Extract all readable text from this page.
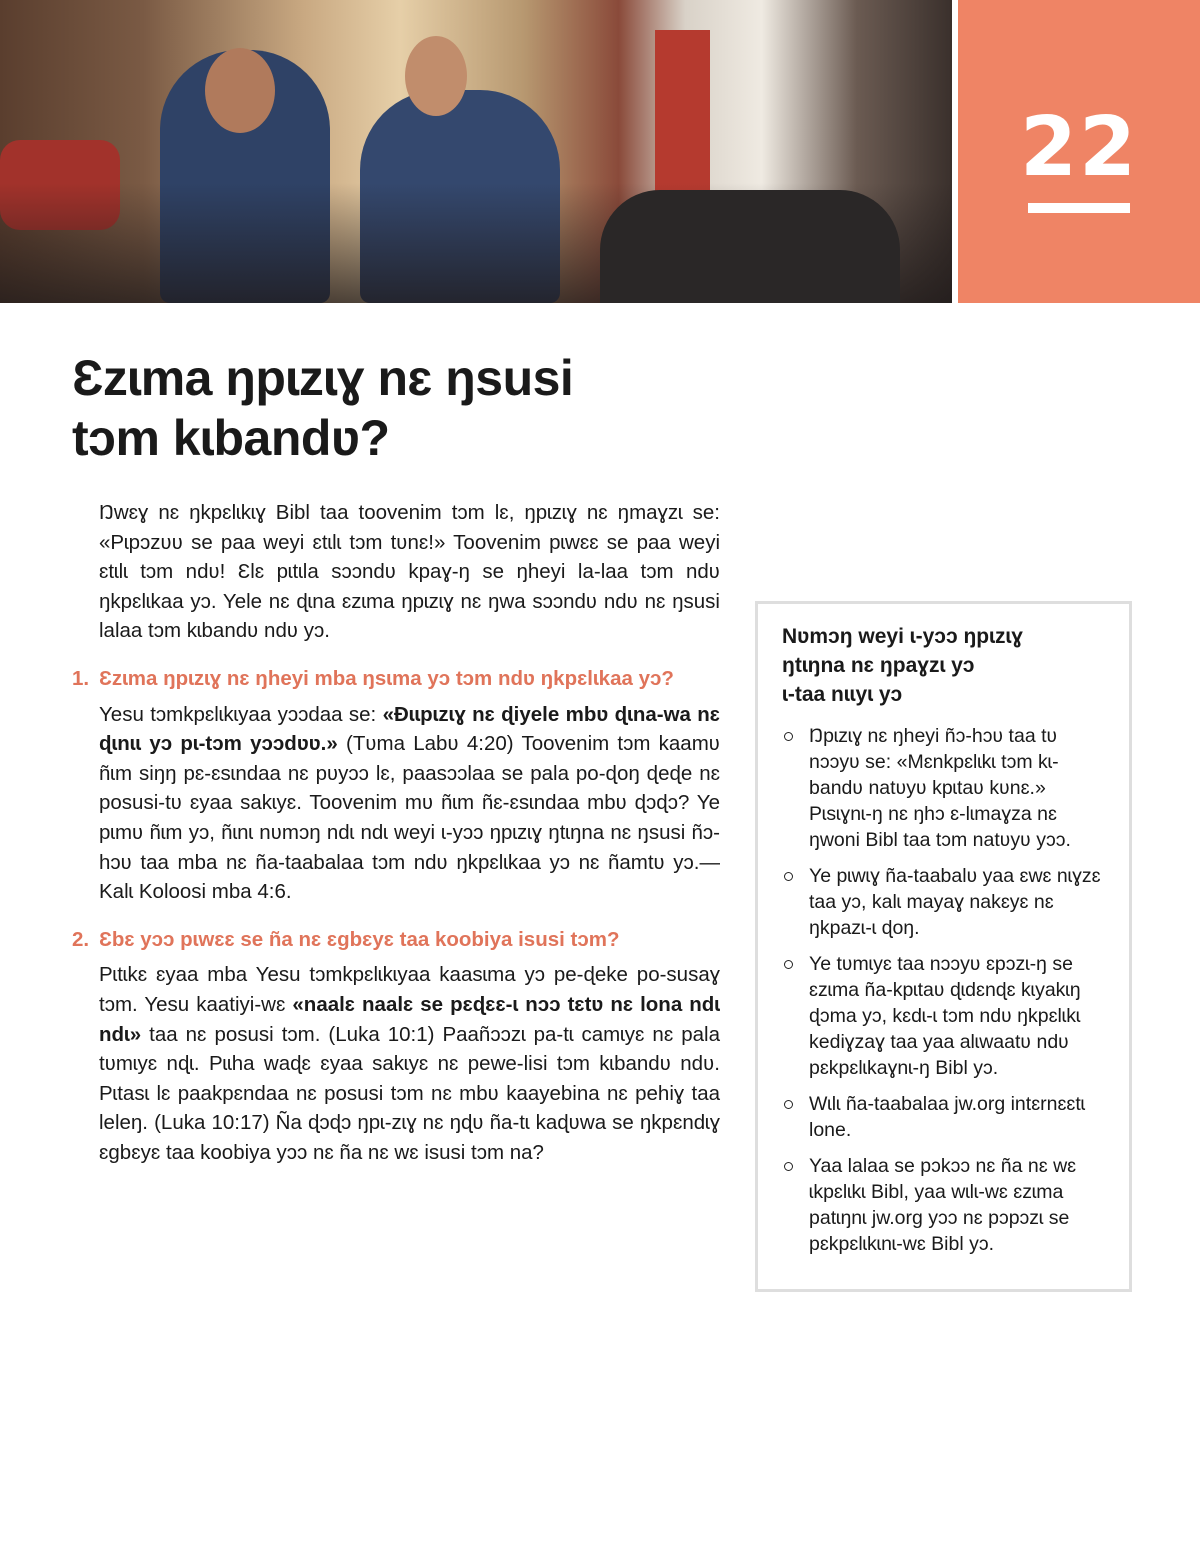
22
Ɛzɩma ŋpɩzɩɣ nɛ ŋsusi
tɔm kɩbandʋ?

Ŋwɛɣ nɛ ŋkpɛlɩkɩɣ Bibl taa toovenim tɔm lɛ, ŋpɩzɩɣ nɛ ŋmaɣzɩ se: «Pɩpɔzʋʋ se paa weyi ɛtɩlɩ tɔm tʋnɛ!» Toovenim pɩwɛɛ se paa weyi ɛtɩlɩ tɔm ndʋ! Ɛlɛ pɩtɩla sɔɔndʋ kpaɣ-ŋ se ŋheyi la-laa tɔm ndʋ ŋkpɛlɩkaa yɔ. Yele nɛ ɖɩna ɛzɩma ŋpɩzɩɣ nɛ ŋwa sɔɔndʋ ndʋ nɛ ŋsusi lalaa tɔm kɩbandʋ ndʋ yɔ.

1. Ɛzɩma ŋpɩzɩɣ nɛ ŋheyi mba ŋsɩma yɔ tɔm ndʋ ŋkpɛlɩkaa yɔ?

Yesu tɔmkpɛlɩkɩyaa yɔɔdaa se: «Ɖɩɩpɩzɩɣ nɛ ɖiyele mbʋ ɖɩna-wa nɛ ɖɩnɩɩ yɔ pɩ-tɔm yɔɔdʋʋ.» (Tʋma Labʋ 4:20) Toovenim tɔm kaamʋ ñɩm siŋŋ pɛ-ɛsɩndaa nɛ pʋyɔɔ lɛ, paasɔɔlaa se pala po-ɖoŋ ɖeɖe nɛ posusi-tʋ ɛyaa sakɩyɛ. Toovenim mʋ ñɩm ñɛ-ɛsɩndaa mbʋ ɖɔɖɔ? Ye pɩmʋ ñɩm yɔ, ñɩnɩ nʋmɔŋ ndɩ ndɩ weyi ɩ-yɔɔ ŋpɩzɩɣ ŋtɩŋna nɛ ŋsusi ñɔ-hɔʋ taa mba nɛ ña-taabalaa tɔm ndʋ ŋkpɛlɩkaa yɔ nɛ ñamtʋ yɔ.—Kalɩ Koloosi mba 4:6.

2. Ɛbɛ yɔɔ pɩwɛɛ se ña nɛ ɛgbɛyɛ taa koobiya isusi tɔm?

Pɩtɩkɛ ɛyaa mba Yesu tɔmkpɛlɩkɩyaa kaasɩma yɔ pe-ɖeke po-susaɣ tɔm. Yesu kaatiyi-wɛ «naalɛ naalɛ se pɛɖɛɛ-ɩ nɔɔ tɛtʋ nɛ lona ndɩ ndɩ» taa nɛ posusi tɔm. (Luka 10:1) Paañɔɔzɩ pa-tɩ camɩyɛ nɛ pala tʋmɩyɛ nɖɩ. Pɩɩha waɖɛ ɛyaa sakɩyɛ nɛ pewe-lisi tɔm kɩbandʋ ndʋ. Pɩtasɩ lɛ paakpɛndaa nɛ posusi tɔm nɛ mbʋ kaayebina nɛ pehiɣ taa leleŋ. (Luka 10:17) Ña ɖɔɖɔ ŋpɩ-zɩɣ nɛ ŋɖʋ ña-tɩ kaɖʋwa se ŋkpɛndɩɣ ɛgbɛyɛ taa koobiya yɔɔ nɛ ña nɛ wɛ isusi tɔm na?

Nʋmɔŋ weyi ɩ-yɔɔ ŋpɩzɩɣ
ŋtɩŋna nɛ ŋpaɣzɩ yɔ
ɩ-taa nɩɩyɩ yɔ
Ŋpɩzɩɣ nɛ ŋheyi ñɔ-hɔʋ taa tʋ nɔɔyʋ se: «Mɛnkpɛlɩkɩ tɔm kɩ-bandʋ natʋyʋ kpɩtaʋ kʋnɛ.» Pɩsɩɣnɩ-ŋ nɛ ŋhɔ ɛ-lɩmaɣza nɛ ŋwoni Bibl taa tɔm natʋyʋ yɔɔ.
Ye pɩwɩɣ ña-taabalʋ yaa ɛwɛ nɩɣzɛ taa yɔ, kalɩ mayaɣ nakɛyɛ nɛ ŋkpazɩ-ɩ ɖoŋ.
Ye tʋmɩyɛ taa nɔɔyʋ ɛpɔzɩ-ŋ se ɛzɩma ña-kpɩtaʋ ɖɩdɛnɖɛ kɩyakɩŋ ɖɔma yɔ, kɛdɩ-ɩ tɔm ndʋ ŋkpɛlɩkɩ kediɣzaɣ taa yaa alɩwaatʋ ndʋ pɛkpɛlɩkaɣnɩ-ŋ Bibl yɔ.
Wɩlɩ ña-taabalaa jw.org intɛrnɛɛtɩ lone.
Yaa lalaa se pɔkɔɔ nɛ ña nɛ wɛ ɩkpɛlɩkɩ Bibl, yaa wɩlɩ-wɛ ɛzɩma patɩŋnɩ jw.org yɔɔ nɛ pɔpɔzɩ se pɛkpɛlɩkɩnɩ-wɛ Bibl yɔ.
